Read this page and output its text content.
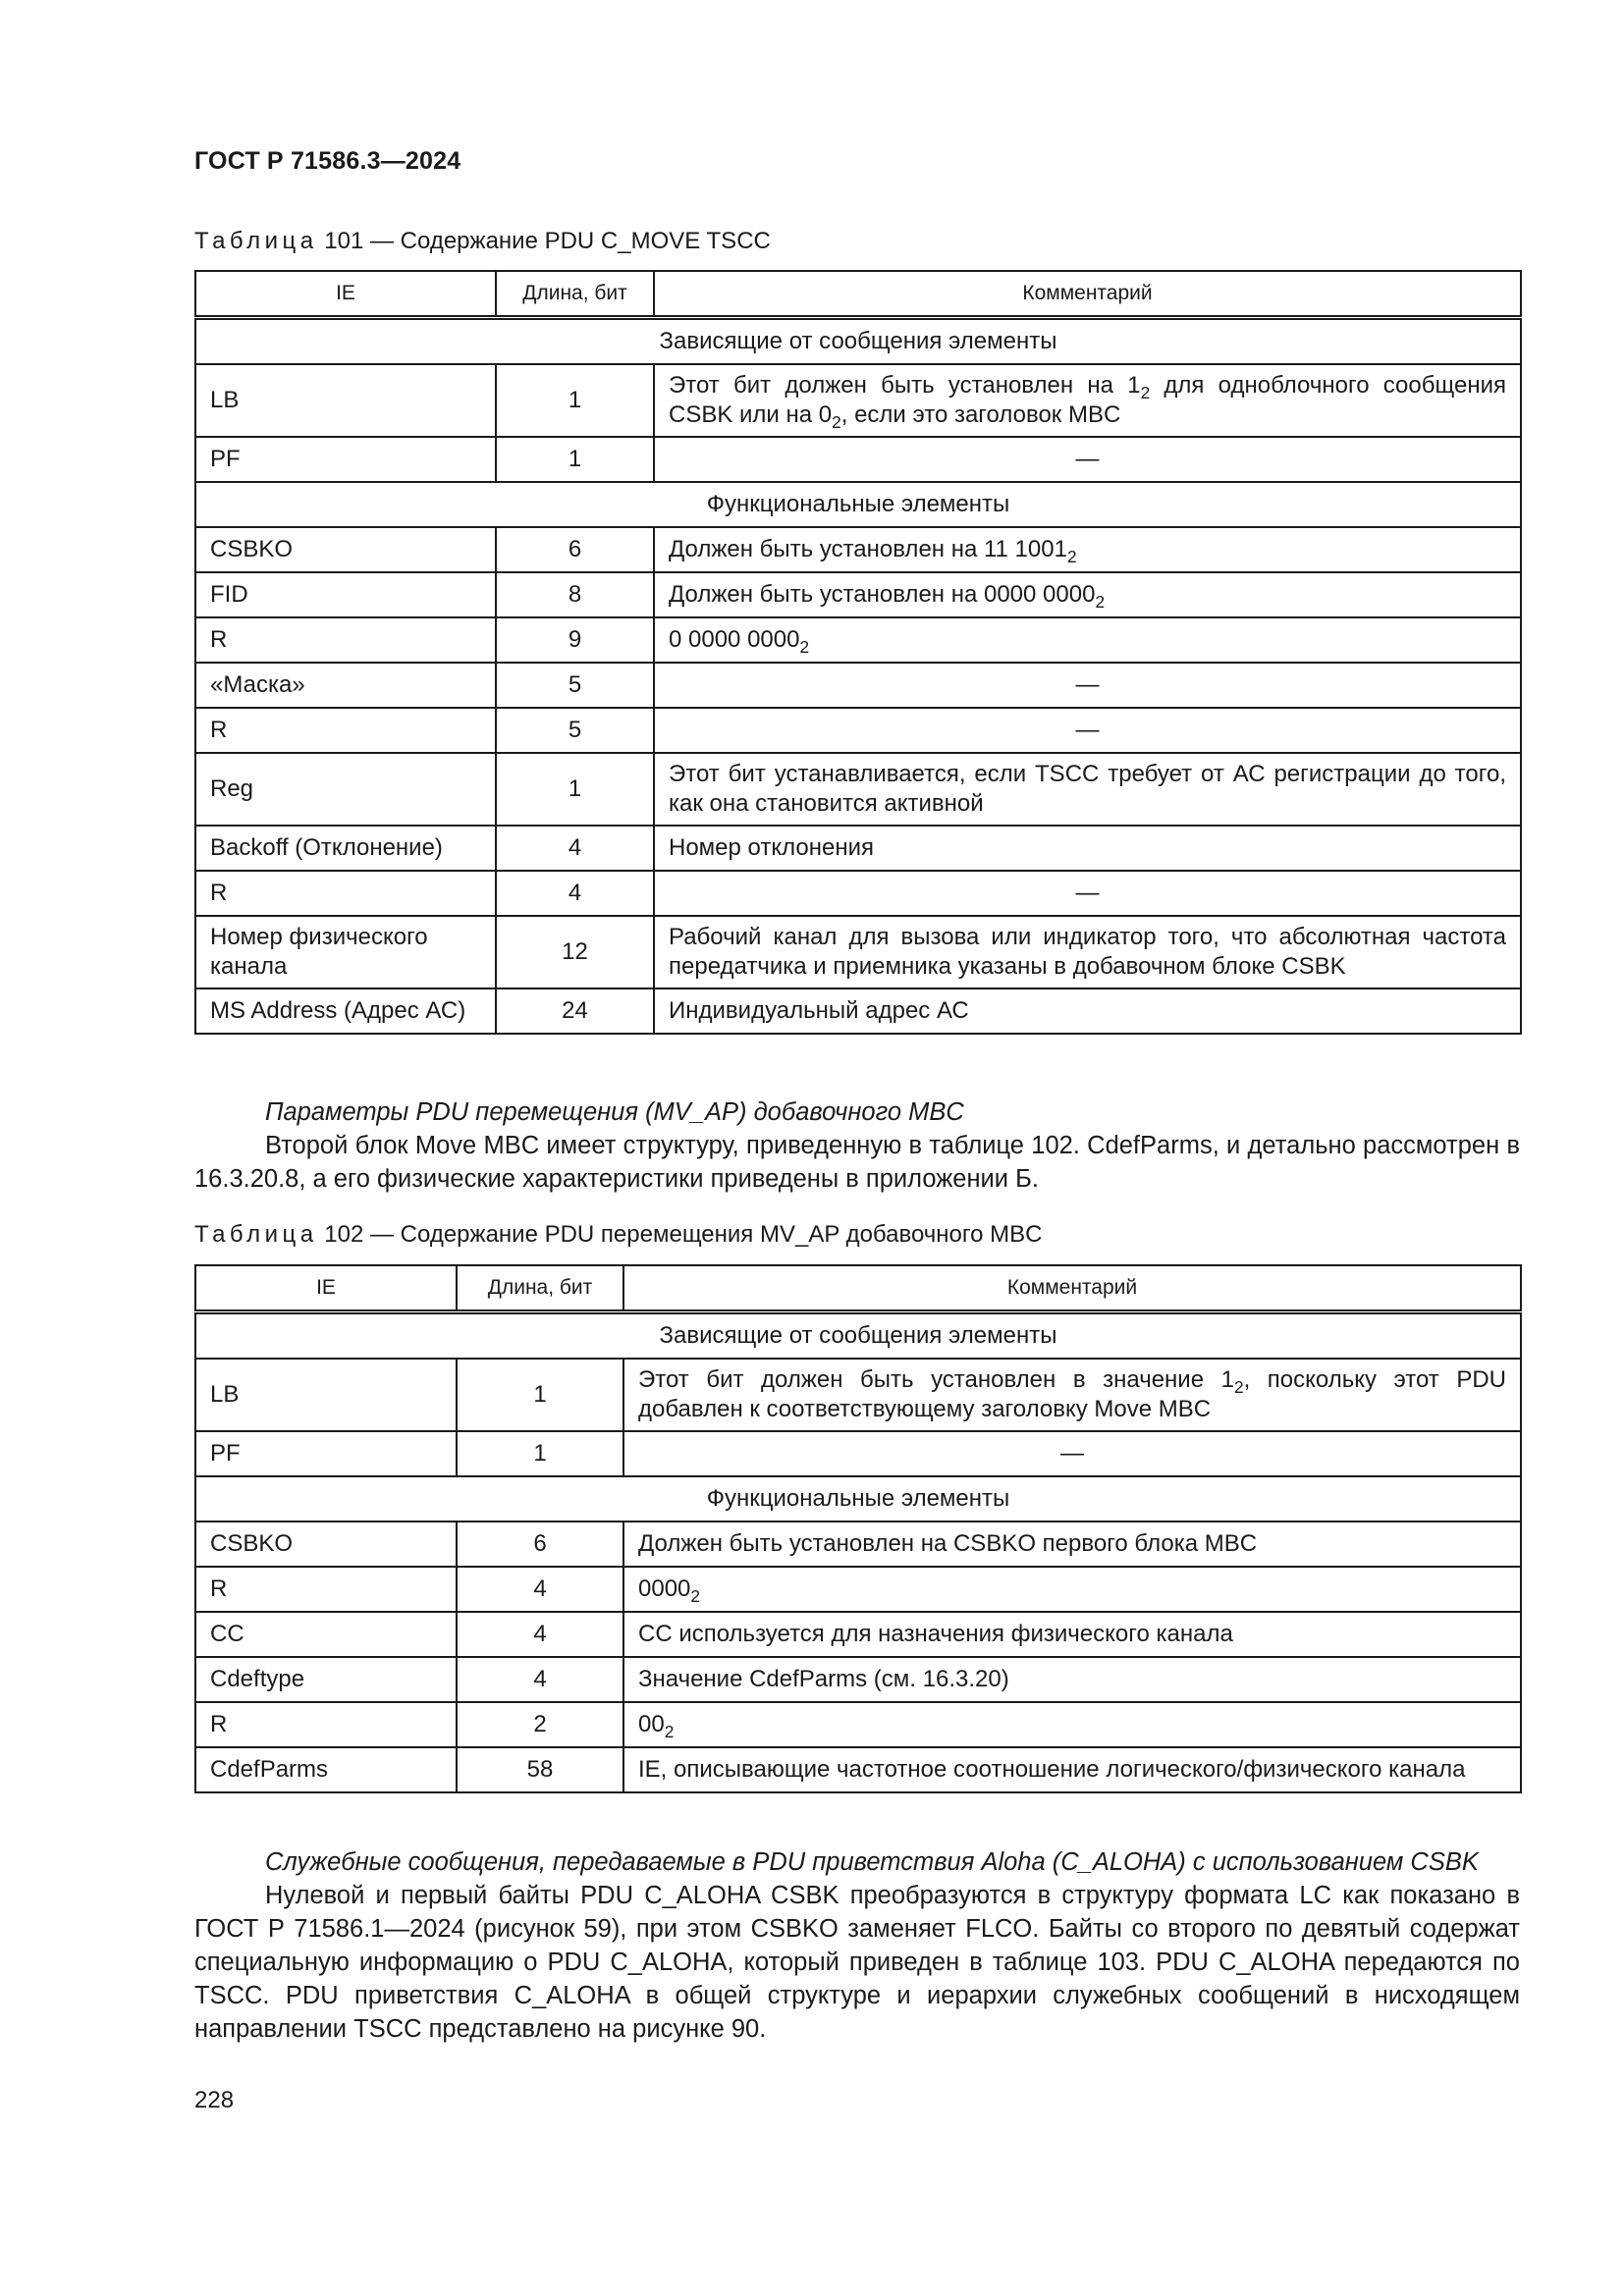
ГОСТ Р 71586.3—2024
Таблица 101 — Содержание PDU C_MOVE TSCC
IE	Длина, бит	Комментарий
Зависящие от сообщения элементы		
LB	1	Этот бит должен быть установлен на $1_2$ для одноблочного сообщения CSBK или на $0_2$, если это заголовок MBC
PF	1	—
Функциональные элементы		
CSBKO	6	Должен быть установлен на 11 $1001_2$
FID	8	Должен быть установлен на 0000 $0000_2$
R	9	0 0000 $0000_2$
«Маска»	5	—
R	5	—
Reg	1	Этот бит устанавливается, если TSCC требует от АС регистрации до того, как она становится активной
Backoff (Отклонение)	4	Номер отклонения
R	4	—
Номер физического канала	12	Рабочий канал для вызова или индикатор того, что абсолютная частота передатчика и приемника указаны в добавочном блоке CSBK
MS Address (Адрес АС)	24	Индивидуальный адрес АС
Параметры PDU перемещения (MV_AP) добавочного MBC
Второй блок Move MBC имеет структуру, приведенную в таблице 102. CdefParms, и детально рассмотрен в 16.3.20.8, а его физические характеристики приведены в приложении Б.
Таблица 102 — Содержание PDU перемещения MV_AP добавочного MBC
IE	Длина, бит	Комментарий
Зависящие от сообщения элементы		
LB	1	Этот бит должен быть установлен в значение $1_2$, поскольку этот PDU добавлен к соответствующему заголовку Move MBC
PF	1	—
Функциональные элементы		
CSBKO	6	Должен быть установлен на CSBKO первого блока MBC
R	4	$0000_2$
CC	4	CC используется для назначения физического канала
Cdeftype	4	Значение CdefParms (см. 16.3.20)
R	2	$00_2$
CdefParms	58	IE, описывающие частотное соотношение логического/физического канала
Служебные сообщения, передаваемые в PDU приветствия Aloha (C_ALOHA) с использованием CSBK
Нулевой и первый байты PDU C_ALOHA CSBK преобразуются в структуру формата LC как показано в ГОСТ Р 71586.1—2024 (рисунок 59), при этом CSBKO заменяет FLCO. Байты со второго по девятый содержат специальную информацию о PDU C_ALOHA, который приведен в таблице 103. PDU C_ALOHA передаются по TSCC. PDU приветствия C_ALOHA в общей структуре и иерархии служебных сообщений в нисходящем направлении TSCC представлено на рисунке 90.
228
